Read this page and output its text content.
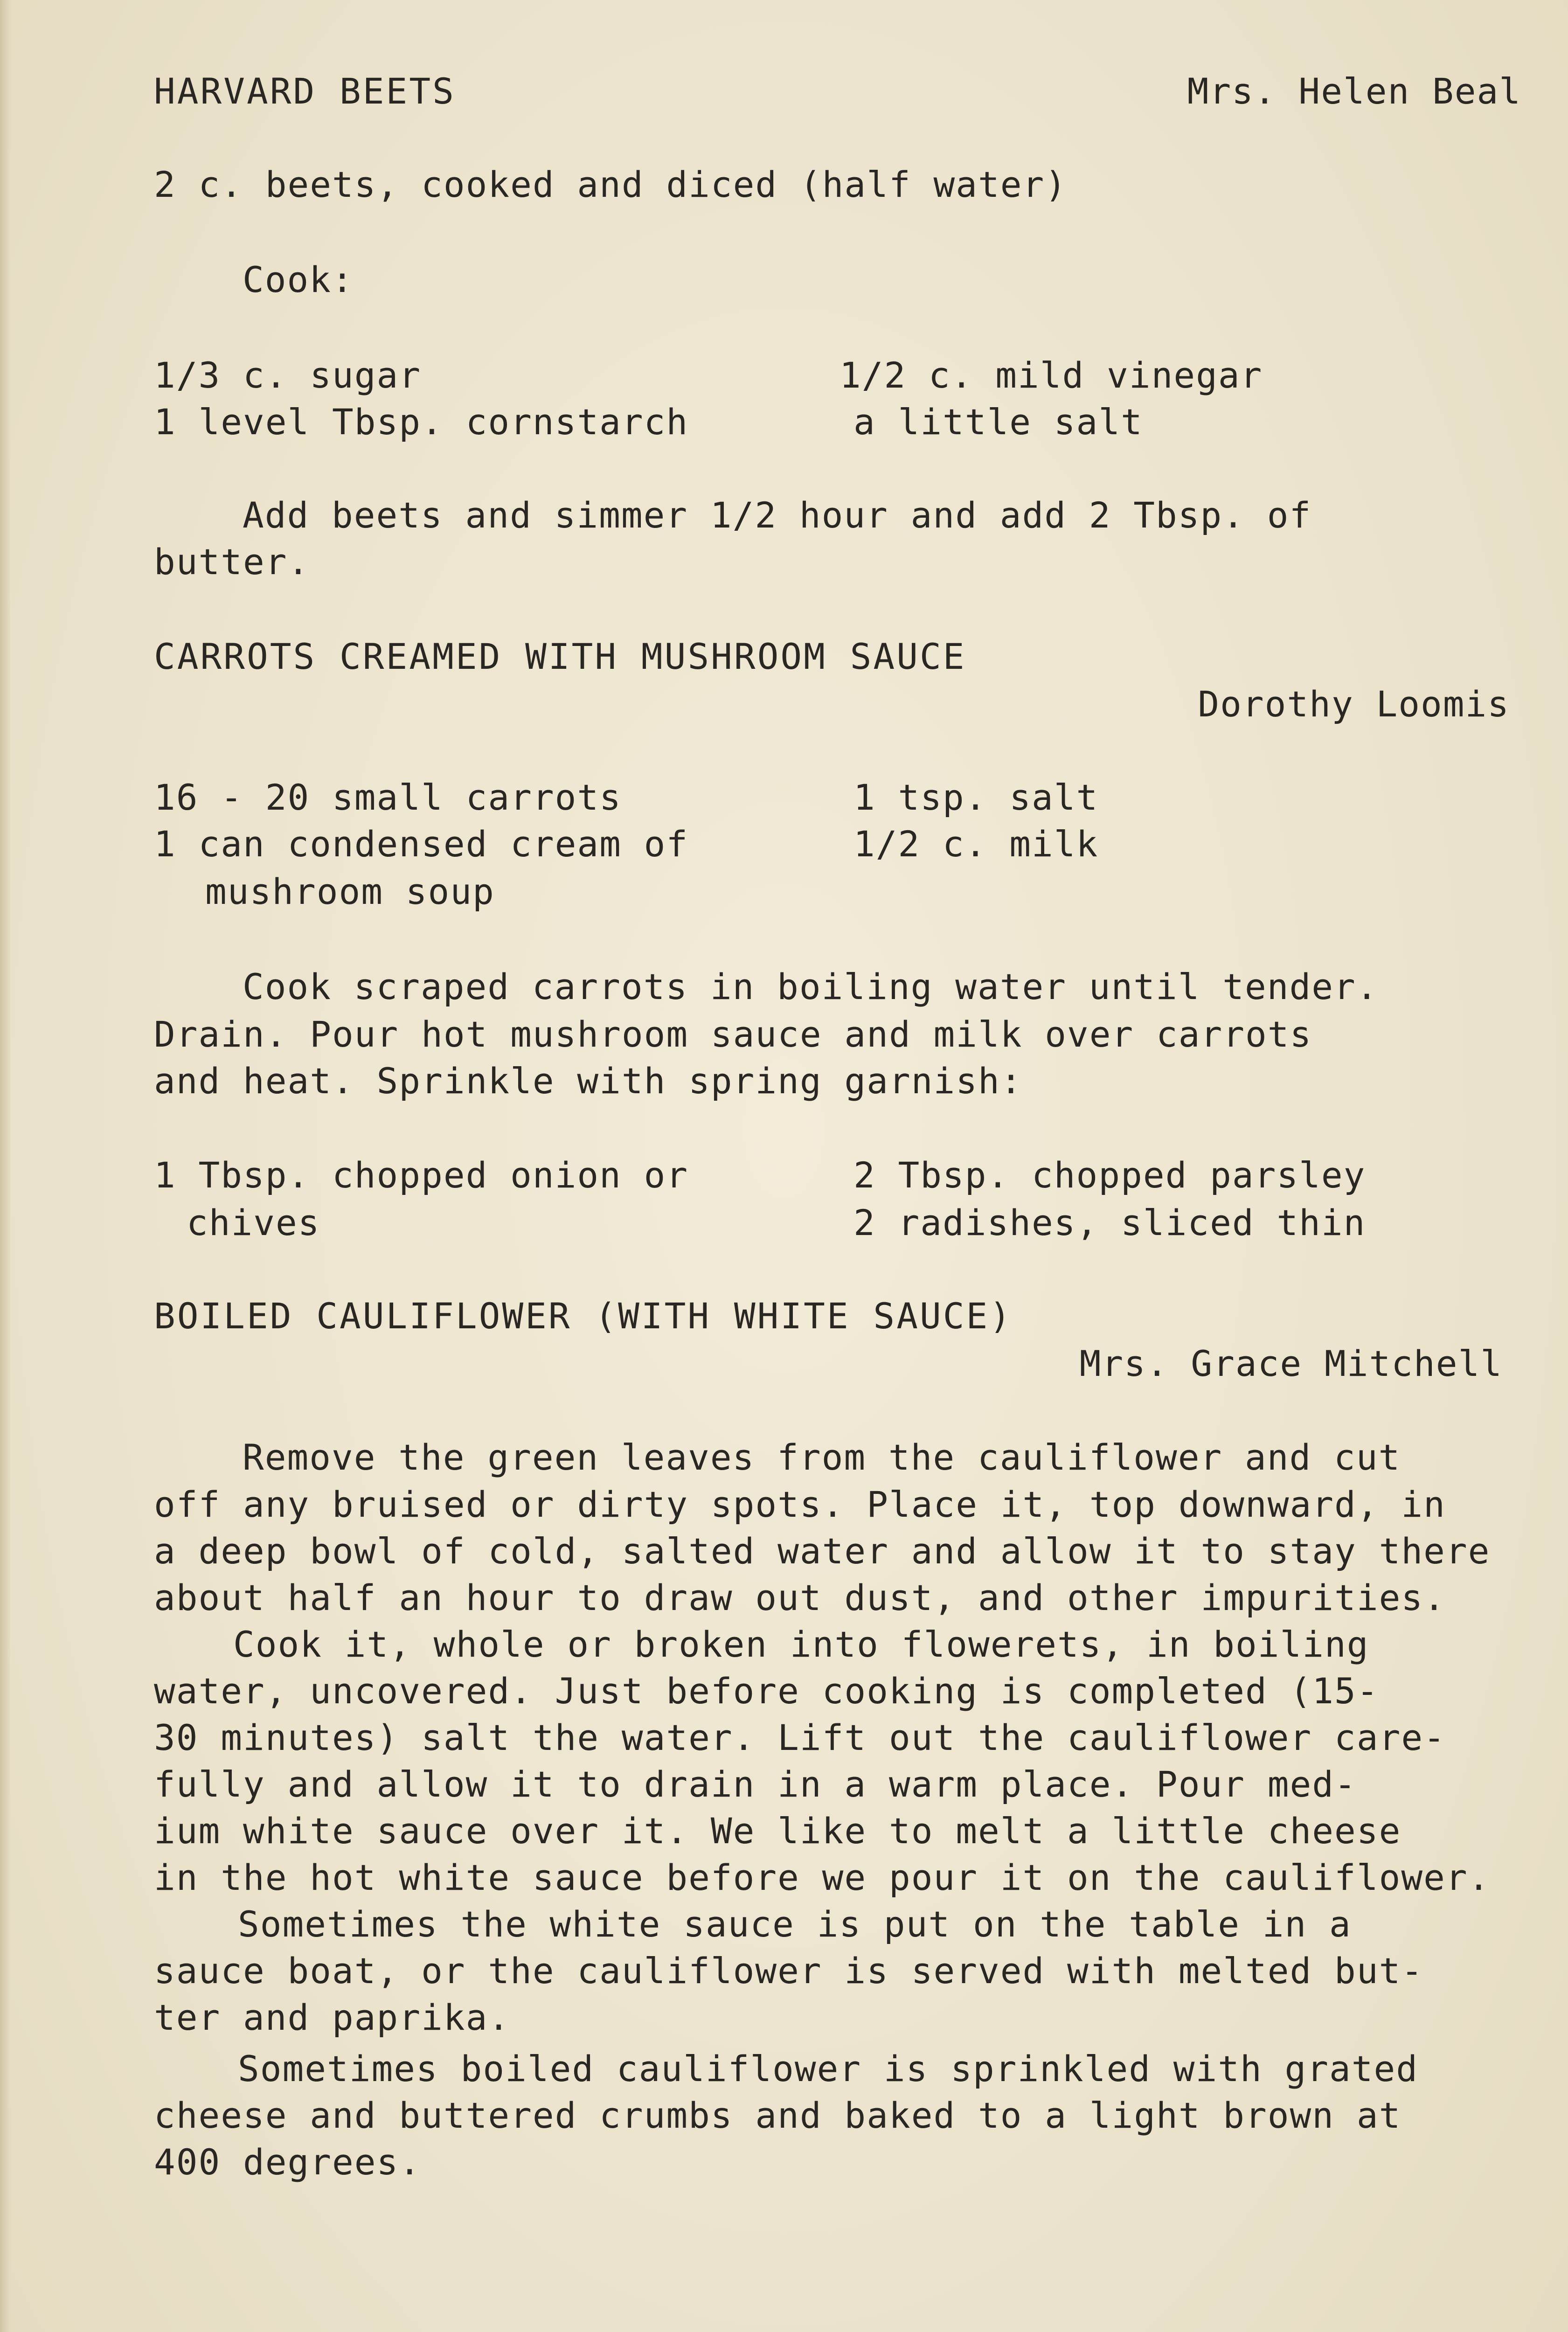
HARVARD BEETS	Mrs. Helen Beal
2 c. beets, cooked and diced (half water)
Cook:
1/3 c. sugar
1 level Tbsp. cornstarch
1/2 c. mild vinegar
a little salt
Add beets and simmer 1/2 hour and add 2 Tbsp. of
butter.
CARROTS CREAMED WITH MUSHROOM SAUCE
Dorothy Loomis
16 - 20 small carrots
1 can condensed cream of
mushroom soup
1 tsp. salt
1/2 c. milk
Cook scraped carrots in boiling water until tender.
Drain. Pour hot mushroom sauce and milk over carrots
and heat. Sprinkle with spring garnish:
1 Tbsp. chopped onion or
chives
2 Tbsp. chopped parsley
2 radishes, sliced thin
BOILED CAULIFLOWER (WITH WHITE SAUCE)
Mrs. Grace Mitchell
Remove the green leaves from the cauliflower and cut
off any bruised or dirty spots. Place it, top downward, in
a deep bowl of cold, salted water and allow it to stay there
about half an hour to draw out dust, and other impurities.
Cook it, whole or broken into flowerets, in boiling
water, uncovered. Just before cooking is completed (15-
30 minutes) salt the water. Lift out the cauliflower care-
fully and allow it to drain in a warm place. Pour med-
ium white sauce over it. We like to melt a little cheese
in the hot white sauce before we pour it on the cauliflower.
Sometimes the white sauce is put on the table in a
sauce boat, or the cauliflower is served with melted but-
ter and paprika.
Sometimes boiled cauliflower is sprinkled with grated
cheese and buttered crumbs and baked to a light brown at
400 degrees.
